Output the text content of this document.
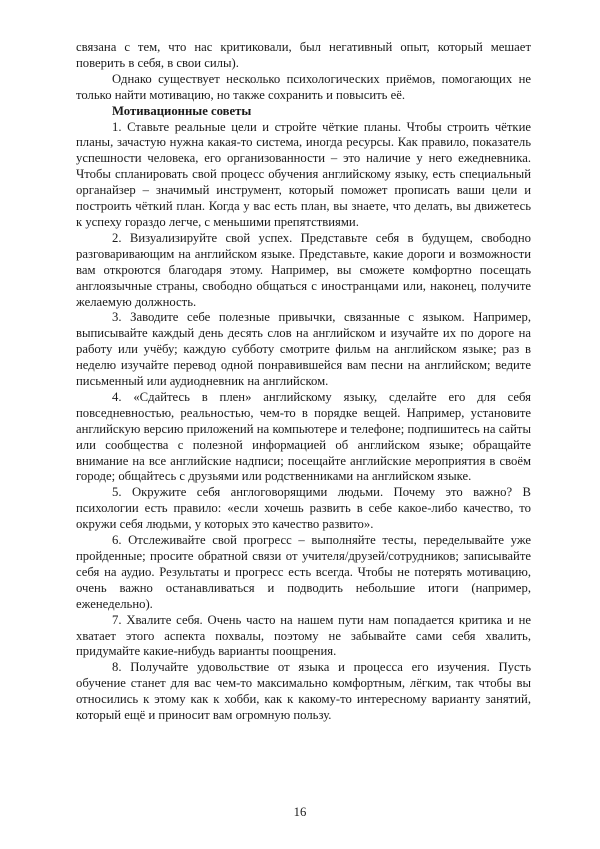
связана с тем, что нас критиковали, был негативный опыт, который мешает поверить в себя, в свои силы).

Однако существует несколько психологических приёмов, помогающих не только найти мотивацию, но также сохранить и повысить её.

Мотивационные советы

1. Ставьте реальные цели и стройте чёткие планы. Чтобы строить чёткие планы, зачастую нужна какая-то система, иногда ресурсы. Как правило, показатель успешности человека, его организованности – это наличие у него ежедневника. Чтобы спланировать свой процесс обучения английскому языку, есть специальный органайзер – значимый инструмент, который поможет прописать ваши цели и построить чёткий план. Когда у вас есть план, вы знаете, что делать, вы движетесь к успеху гораздо легче, с меньшими препятствиями.

2. Визуализируйте свой успех. Представьте себя в будущем, свободно разговаривающим на английском языке. Представьте, какие дороги и возможности вам откроются благодаря этому. Например, вы сможете комфортно посещать англоязычные страны, свободно общаться с иностранцами или, наконец, получите желаемую должность.

3. Заводите себе полезные привычки, связанные с языком. Например, выписывайте каждый день десять слов на английском и изучайте их по дороге на работу или учёбу; каждую субботу смотрите фильм на английском языке; раз в неделю изучайте перевод одной понравившейся вам песни на английском; ведите письменный или аудиодневник на английском.

4. «Сдайтесь в плен» английскому языку, сделайте его для себя повседневностью, реальностью, чем-то в порядке вещей. Например, установите английскую версию приложений на компьютере и телефоне; подпишитесь на сайты или сообщества с полезной информацией об английском языке; обращайте внимание на все английские надписи; посещайте английские мероприятия в своём городе; общайтесь с друзьями или родственниками на английском языке.

5. Окружите себя англоговорящими людьми. Почему это важно? В психологии есть правило: «если хочешь развить в себе какое-либо качество, то окружи себя людьми, у которых это качество развито».

6. Отслеживайте свой прогресс – выполняйте тесты, переделывайте уже пройденные; просите обратной связи от учителя/друзей/сотрудников; записывайте себя на аудио. Результаты и прогресс есть всегда. Чтобы не потерять мотивацию, очень важно останавливаться и подводить небольшие итоги (например, еженедельно).

7. Хвалите себя. Очень часто на нашем пути нам попадается критика и не хватает этого аспекта похвалы, поэтому не забывайте сами себя хвалить, придумайте какие-нибудь варианты поощрения.

8. Получайте удовольствие от языка и процесса его изучения. Пусть обучение станет для вас чем-то максимально комфортным, лёгким, так чтобы вы относились к этому как к хобби, как к какому-то интересному варианту занятий, который ещё и приносит вам огромную пользу.

16
